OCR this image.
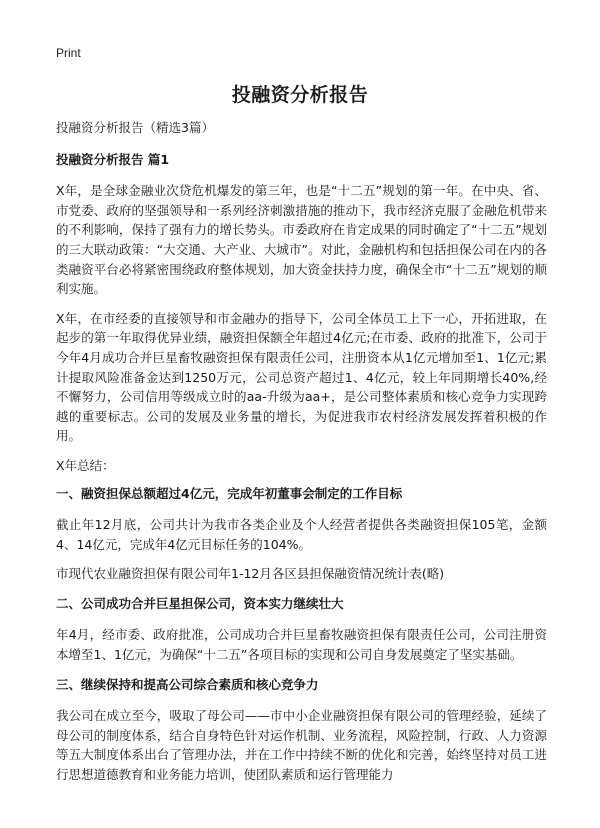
Print
投融资分析报告

投融资分析报告（精选3篇）

投融资分析报告 篇1

X年，是全球金融业次贷危机爆发的第三年，也是“十二五”规划的第一年。在中央、省、市党委、政府的坚强领导和一系列经济刺激措施的推动下，我市经济克服了金融危机带来的不利影响，保持了强有力的增长势头。市委政府在肯定成果的同时确定了“十二五”规划的三大联动政策：“大交通、大产业、大城市”。对此，金融机构和包括担保公司在内的各类融资平台必将紧密围绕政府整体规划，加大资金扶持力度，确保全市“十二五”规划的顺利实施。

X年，在市经委的直接领导和市金融办的指导下，公司全体员工上下一心，开拓进取，在起步的第一年取得优异业绩，融资担保额全年超过4亿元;在市委、政府的批准下，公司于今年4月成功合并巨星畜牧融资担保有限责任公司，注册资本从1亿元增加至1、1亿元;累计提取风险准备金达到1250万元，公司总资产超过1、4亿元，较上年同期增长40%,经不懈努力，公司信用等级成立时的aa-升级为aa+，是公司整体素质和核心竞争力实现跨越的重要标志。公司的发展及业务量的增长，为促进我市农村经济发展发挥着积极的作用。

X年总结：

一、融资担保总额超过4亿元，完成年初董事会制定的工作目标

截止年12月底，公司共计为我市各类企业及个人经营者提供各类融资担保105笔，金额4、14亿元，完成年4亿元目标任务的104%。

市现代农业融资担保有限公司年1-12月各区县担保融资情况统计表(略)

二、公司成功合并巨星担保公司，资本实力继续壮大

年4月，经市委、政府批准，公司成功合并巨星畜牧融资担保有限责任公司，公司注册资本增至1、1亿元，为确保“十二五”各项目标的实现和公司自身发展奠定了坚实基础。

三、继续保持和提高公司综合素质和核心竞争力

我公司在成立至今，吸取了母公司——市中小企业融资担保有限公司的管理经验，延续了母公司的制度体系，结合自身特色针对运作机制、业务流程，风险控制，行政、人力资源等五大制度体系出台了管理办法，并在工作中持续不断的优化和完善，始终坚持对员工进行思想道德教育和业务能力培训，使团队素质和运行管理能力
